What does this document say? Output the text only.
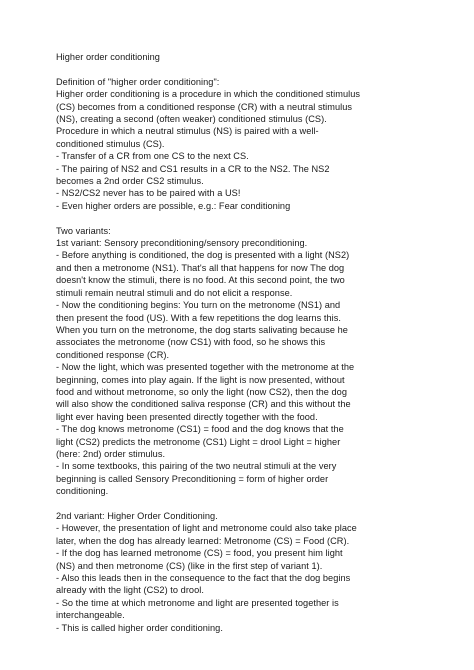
Higher order conditioning
Definition of "higher order conditioning":
Higher order conditioning is a procedure in which the conditioned stimulus
(CS) becomes from a conditioned response (CR) with a neutral stimulus
(NS), creating a second (often weaker) conditioned stimulus (CS).
Procedure in which a neutral stimulus (NS) is paired with a well-
conditioned stimulus (CS).
- Transfer of a CR from one CS to the next CS.
- The pairing of NS2 and CS1 results in a CR to the NS2. The NS2
becomes a 2nd order CS2 stimulus.
- NS2/CS2 never has to be paired with a US!
- Even higher orders are possible, e.g.: Fear conditioning
Two variants:
1st variant: Sensory preconditioning/sensory preconditioning.
- Before anything is conditioned, the dog is presented with a light (NS2)
and then a metronome (NS1). That's all that happens for now The dog
doesn't know the stimuli, there is no food. At this second point, the two
stimuli remain neutral stimuli and do not elicit a response.
- Now the conditioning begins: You turn on the metronome (NS1) and
then present the food (US). With a few repetitions the dog learns this.
When you turn on the metronome, the dog starts salivating because he
associates the metronome (now CS1) with food, so he shows this
conditioned response (CR).
- Now the light, which was presented together with the metronome at the
beginning, comes into play again. If the light is now presented, without
food and without metronome, so only the light (now CS2), then the dog
will also show the conditioned saliva response (CR) and this without the
light ever having been presented directly together with the food.
- The dog knows metronome (CS1) = food and the dog knows that the
light (CS2) predicts the metronome (CS1) Light = drool Light = higher
(here: 2nd) order stimulus.
- In some textbooks, this pairing of the two neutral stimuli at the very
beginning is called Sensory Preconditioning = form of higher order
conditioning.
2nd variant: Higher Order Conditioning.
- However, the presentation of light and metronome could also take place
later, when the dog has already learned: Metronome (CS) = Food (CR).
- If the dog has learned metronome (CS) = food, you present him light
(NS) and then metronome (CS) (like in the first step of variant 1).
- Also this leads then in the consequence to the fact that the dog begins
already with the light (CS2) to drool.
- So the time at which metronome and light are presented together is
interchangeable.
- This is called higher order conditioning.
